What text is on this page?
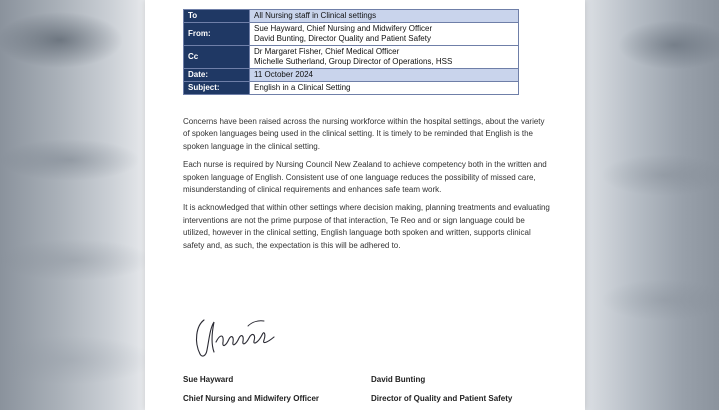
To	All Nursing staff in Clinical settings

From:	Sue Hayward, Chief Nursing and Midwifery Officer
David Bunting, Director Quality and Patient Safety

Cc	Dr Margaret Fisher, Chief Medical Officer
Michelle Sutherland, Group Director of Operations, HSS

Date:	11 October 2024

Subject:	English in a Clinical Setting

Concerns have been raised across the nursing workforce within the hospital settings, about the variety of spoken languages being used in the clinical setting. It is timely to be reminded that English is the spoken language in the clinical setting.

Each nurse is required by Nursing Council New Zealand to achieve competency both in the written and spoken language of English. Consistent use of one language reduces the possibility of missed care, misunderstanding of clinical requirements and enhances safe team work.

It is acknowledged that within other settings where decision making, planning treatments and evaluating interventions are not the prime purpose of that interaction, Te Reo and or sign language could be utilized, however in the clinical setting, English language both spoken and written, supports clinical safety and, as such, the expectation is this will be adhered to.

Sue Hayward
Chief Nursing and Midwifery Officer
David Bunting
Director of Quality and Patient Safety
